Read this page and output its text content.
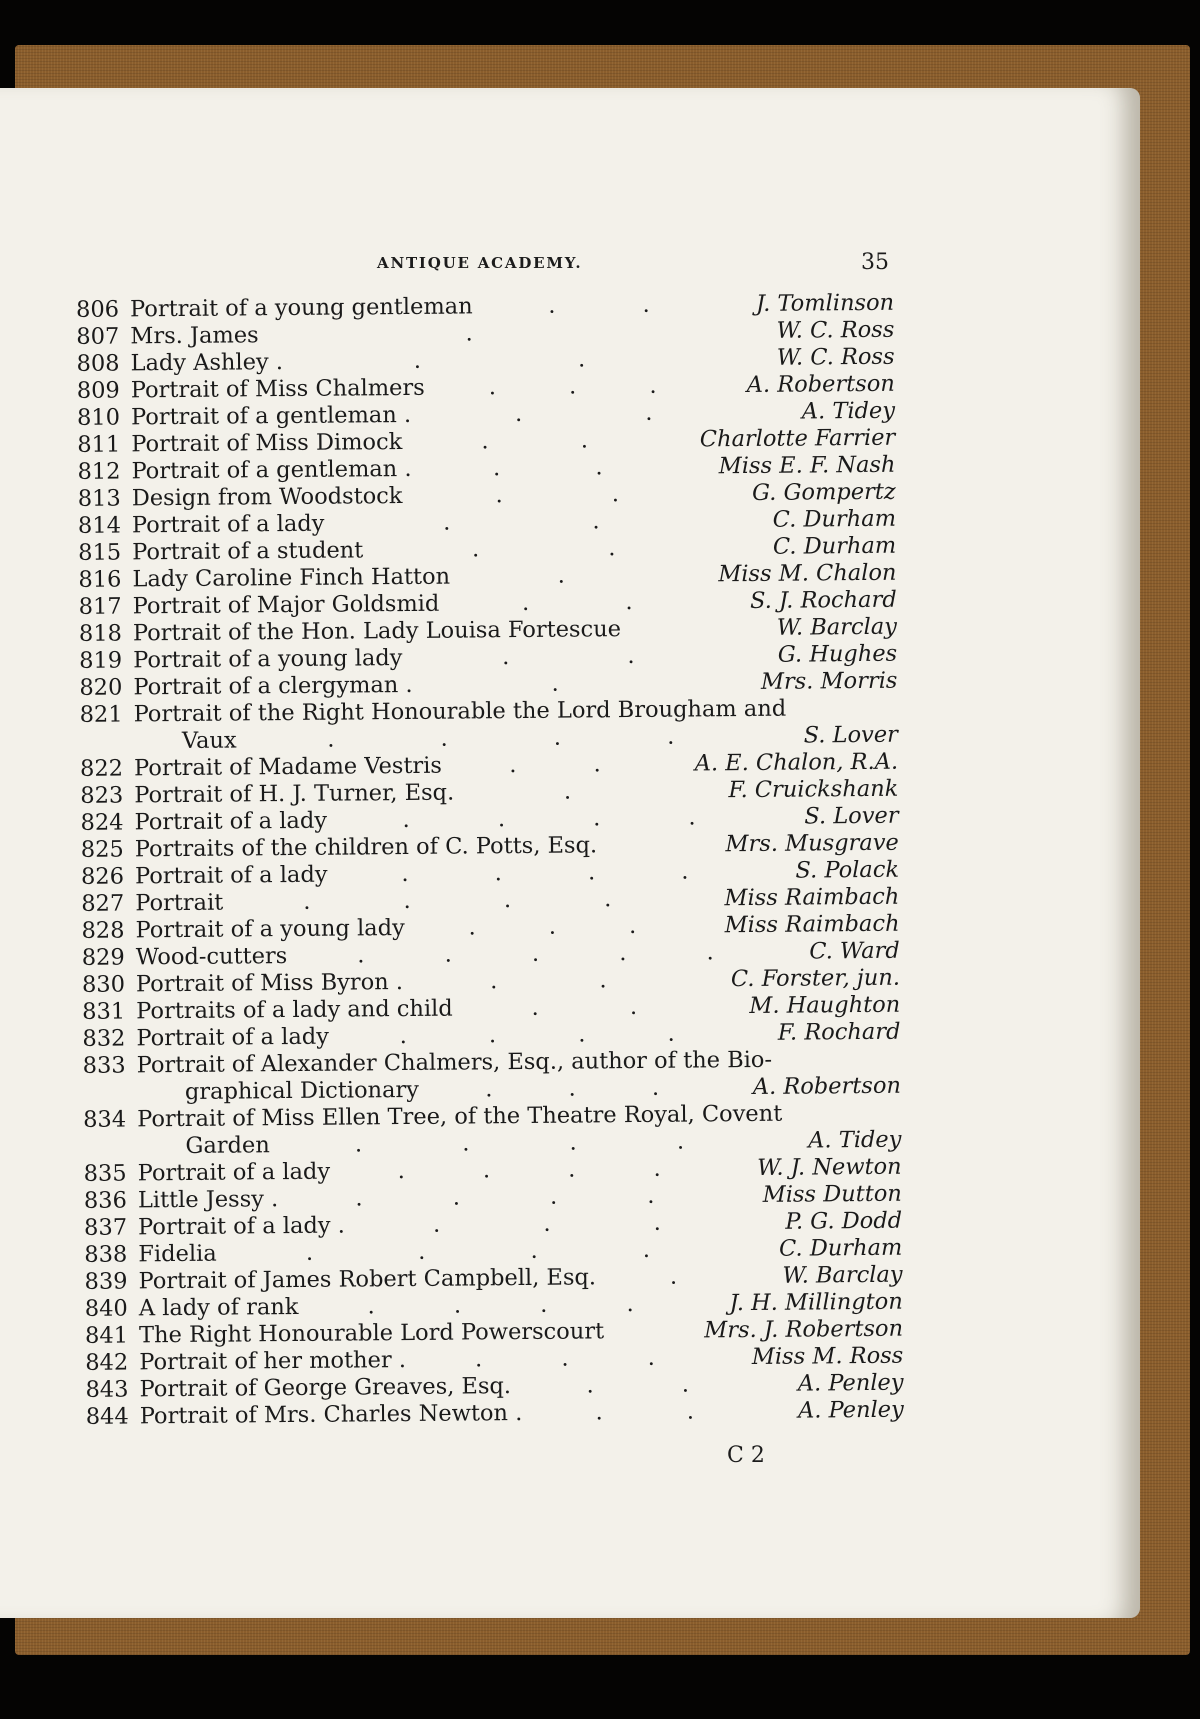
ANTIQUE ACADEMY.	35
806 Portrait of a young gentleman	. .	J. Tomlinson
807 Mrs. James	.	W. C. Ross
808 Lady Ashley .	. .	W. C. Ross
809 Portrait of Miss Chalmers	. . .	A. Robertson
810 Portrait of a gentleman .	. .	A. Tidey
811 Portrait of Miss Dimock	. .	Charlotte Farrier
812 Portrait of a gentleman .	. .	Miss E. F. Nash
813 Design from Woodstock	. .	G. Gompertz
814 Portrait of a lady	. .	C. Durham
815 Portrait of a student	. .	C. Durham
816 Lady Caroline Finch Hatton	.	Miss M. Chalon
817 Portrait of Major Goldsmid	. .	S. J. Rochard
818 Portrait of the Hon. Lady Louisa Fortescue	W. Barclay
819 Portrait of a young lady	. .	G. Hughes
820 Portrait of a clergyman .	.	Mrs. Morris
821 Portrait of the Right Honourable the Lord Brougham and
Vaux	. . . .	S. Lover
822 Portrait of Madame Vestris	. .	A. E. Chalon, R.A.
823 Portrait of H. J. Turner, Esq.	.	F. Cruickshank
824 Portrait of a lady	. . . .	S. Lover
825 Portraits of the children of C. Potts, Esq.	Mrs. Musgrave
826 Portrait of a lady	. . . .	S. Polack
827 Portrait	. . . .	Miss Raimbach
828 Portrait of a young lady	. . .	Miss Raimbach
829 Wood-cutters	. . . . .	C. Ward
830 Portrait of Miss Byron .	. .	C. Forster, jun.
831 Portraits of a lady and child	. .	M. Haughton
832 Portrait of a lady	. . . .	F. Rochard
833 Portrait of Alexander Chalmers, Esq., author of the Bio-
graphical Dictionary	. . .	A. Robertson
834 Portrait of Miss Ellen Tree, of the Theatre Royal, Covent
Garden	. . . .	A. Tidey
835 Portrait of a lady	. . . .	W. J. Newton
836 Little Jessy .	. . . .	Miss Dutton
837 Portrait of a lady .	. . .	P. G. Dodd
838 Fidelia	. . . .	C. Durham
839 Portrait of James Robert Campbell, Esq.	.	W. Barclay
840 A lady of rank	. . . .	J. H. Millington
841 The Right Honourable Lord Powerscourt	Mrs. J. Robertson
842 Portrait of her mother .	. . .	Miss M. Ross
843 Portrait of George Greaves, Esq.	. .	A. Penley
844 Portrait of Mrs. Charles Newton .	. .	A. Penley
C 2
